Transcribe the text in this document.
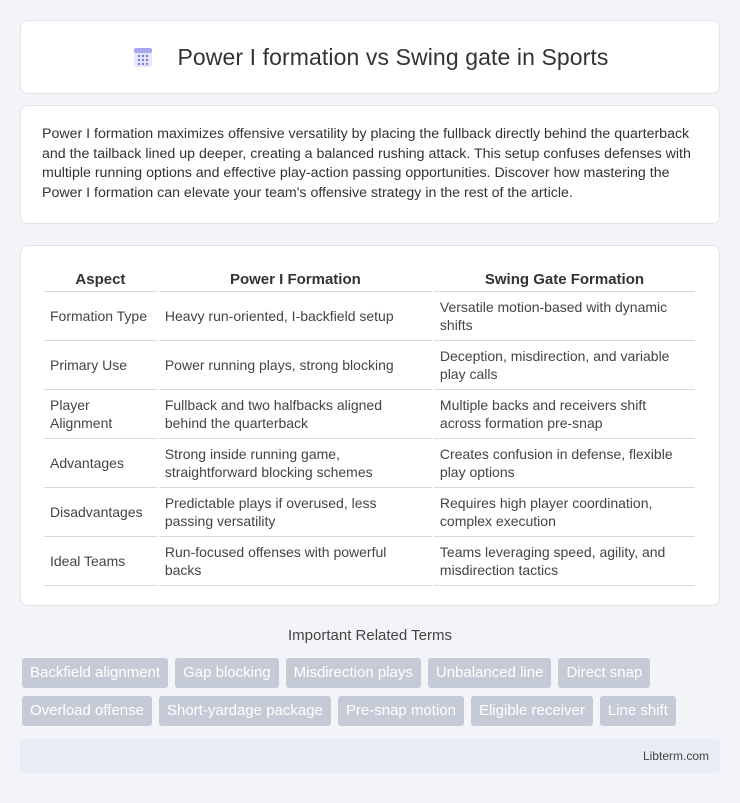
Power I formation vs Swing gate in Sports

Power I formation maximizes offensive versatility by placing the fullback directly behind the quarterback and the tailback lined up deeper, creating a balanced rushing attack. This setup confuses defenses with multiple running options and effective play-action passing opportunities. Discover how mastering the Power I formation can elevate your team's offensive strategy in the rest of the article.

Aspect	Power I Formation	Swing Gate Formation
Formation Type	Heavy run-oriented, I-backfield setup	Versatile motion-based with dynamic shifts
Primary Use	Power running plays, strong blocking	Deception, misdirection, and variable play calls
Player Alignment	Fullback and two halfbacks aligned behind the quarterback	Multiple backs and receivers shift across formation pre-snap
Advantages	Strong inside running game, straightforward blocking schemes	Creates confusion in defense, flexible play options
Disadvantages	Predictable plays if overused, less passing versatility	Requires high player coordination, complex execution
Ideal Teams	Run-focused offenses with powerful backs	Teams leveraging speed, agility, and misdirection tactics
Important Related Terms
Backfield alignment	Gap blocking	Misdirection plays	Unbalanced line	Direct snap
Overload offense	Short-yardage package	Pre-snap motion	Eligible receiver	Line shift
Libterm.com
